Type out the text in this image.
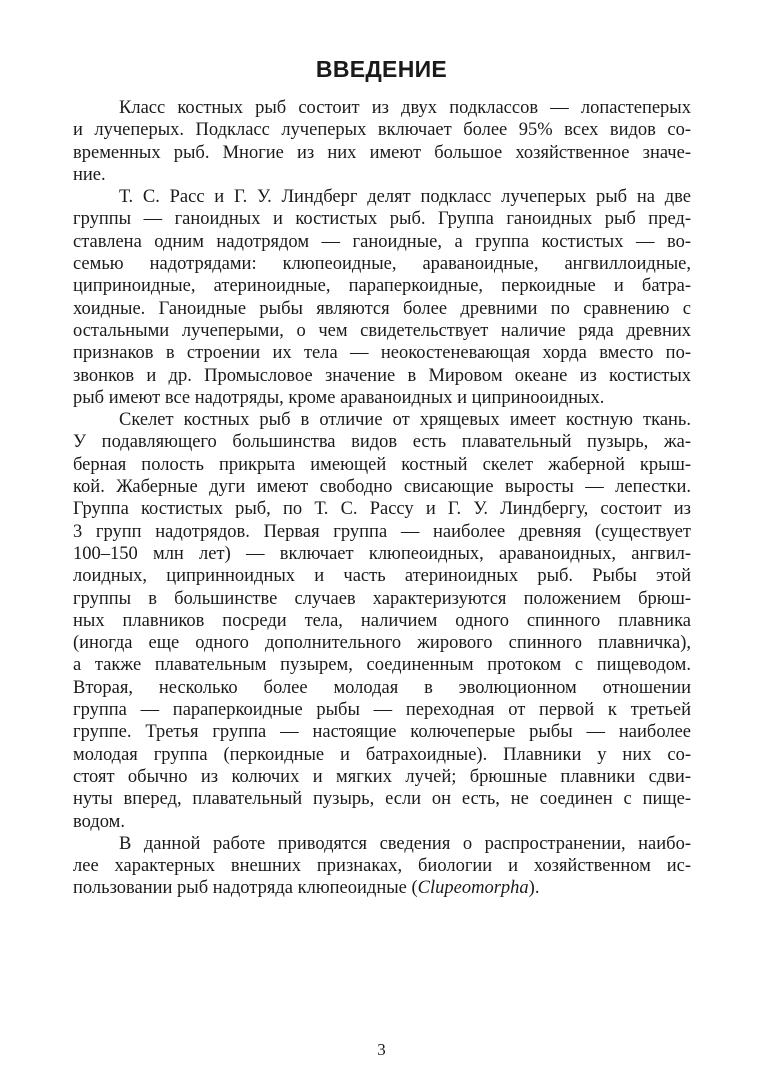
ВВЕДЕНИЕ

Класс костных рыб состоит из двух подклассов — лопастеперых
и лучеперых. Подкласс лучеперых включает более 95% всех видов со-
временных рыб. Многие из них имеют большое хозяйственное значе-
ние.

Т. С. Расс и Г. У. Линдберг делят подкласс лучеперых рыб на две
группы — ганоидных и костистых рыб. Группа ганоидных рыб пред-
ставлена одним надотрядом — ганоидные, а группа костистых — во-
семью надотрядами: клюпеоидные, араваноидные, ангвиллоидные,
циприноидные, атериноидные, параперкоидные, перкоидные и батра-
хоидные. Ганоидные рыбы являются более древними по сравнению с
остальными лучеперыми, о чем свидетельствует наличие ряда древних
признаков в строении их тела — неокостеневающая хорда вместо по-
звонков и др. Промысловое значение в Мировом океане из костистых
рыб имеют все надотряды, кроме араваноидных и ципринооидных.

Скелет костных рыб в отличие от хрящевых имеет костную ткань.
У подавляющего большинства видов есть плавательный пузырь, жа-
берная полость прикрыта имеющей костный скелет жаберной крыш-
кой. Жаберные дуги имеют свободно свисающие выросты — лепестки.
Группа костистых рыб, по Т. С. Рассу и Г. У. Линдбергу, состоит из
3 групп надотрядов. Первая группа — наиболее древняя (существует
100–150 млн лет) — включает клюпеоидных, араваноидных, ангвил-
лоидных, ципринноидных и часть атериноидных рыб. Рыбы этой
группы в большинстве случаев характеризуются положением брюш-
ных плавников посреди тела, наличием одного спинного плавника
(иногда еще одного дополнительного жирового спинного плавничка),
а также плавательным пузырем, соединенным протоком с пищеводом.
Вторая, несколько более молодая в эволюционном отношении
группа — параперкоидные рыбы — переходная от первой к третьей
группе. Третья группа — настоящие колючеперые рыбы — наиболее
молодая группа (перкоидные и батрахоидные). Плавники у них со-
стоят обычно из колючих и мягких лучей; брюшные плавники сдви-
нуты вперед, плавательный пузырь, если он есть, не соединен с пище-
водом.

В данной работе приводятся сведения о распространении, наибо-
лее характерных внешних признаках, биологии и хозяйственном ис-
пользовании рыб надотряда клюпеоидные (Clupeomorpha).

3
